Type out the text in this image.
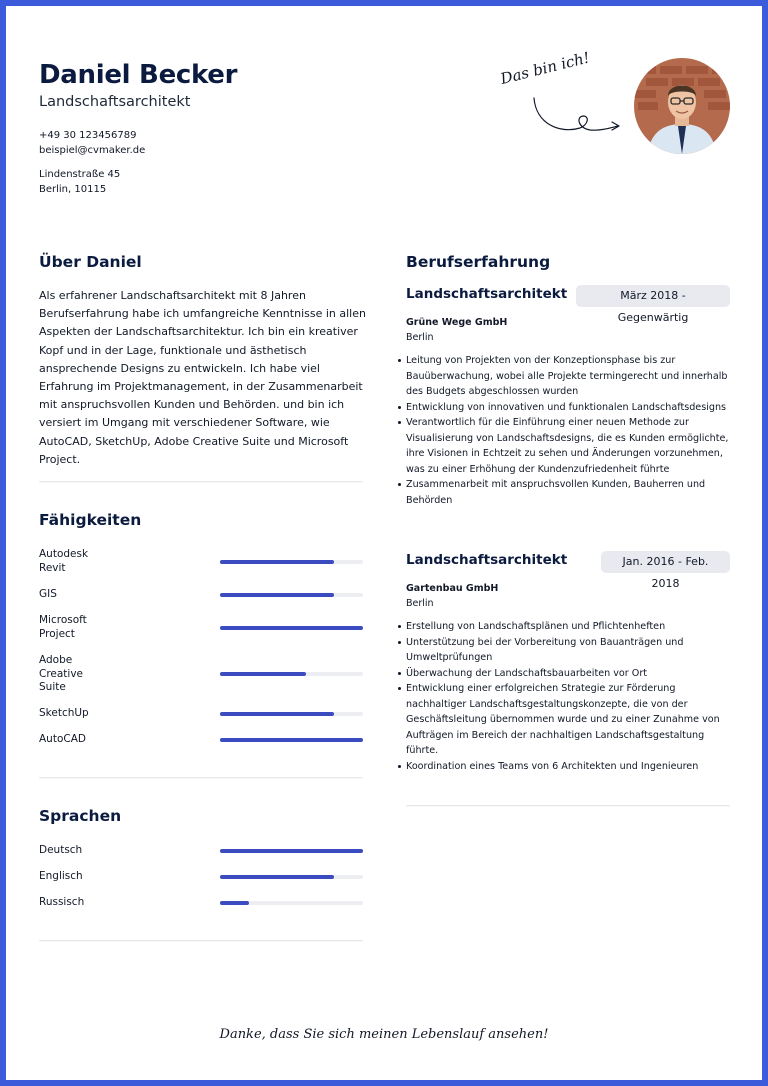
Daniel Becker
Landschaftsarchitekt
+49 30 123456789
beispiel@cvmaker.de
Lindenstraße 45
Berlin, 10115
Das bin ich!
Über Daniel
Als erfahrener Landschaftsarchitekt mit 8 Jahren Berufserfahrung habe ich umfangreiche Kenntnisse in allen Aspekten der Landschaftsarchitektur. Ich bin ein kreativer Kopf und in der Lage, funktionale und ästhetisch ansprechende Designs zu entwickeln. Ich habe viel Erfahrung im Projektmanagement, in der Zusammenarbeit mit anspruchsvollen Kunden und Behörden. und bin ich versiert im Umgang mit verschiedener Software, wie AutoCAD, SketchUp, Adobe Creative Suite und Microsoft Project.
Fähigkeiten
Autodesk Revit
GIS
Microsoft Project
Adobe Creative Suite
SketchUp
AutoCAD
Sprachen
Deutsch
Englisch
Russisch
Berufserfahrung
Landschaftsarchitekt	März 2018 - Gegenwärtig
Grüne Wege GmbH
Berlin
Leitung von Projekten von der Konzeptionsphase bis zur Bauüberwachung, wobei alle Projekte termingerecht und innerhalb des Budgets abgeschlossen wurden
Entwicklung von innovativen und funktionalen Landschaftsdesigns
Verantwortlich für die Einführung einer neuen Methode zur Visualisierung von Landschaftsdesigns, die es Kunden ermöglichte, ihre Visionen in Echtzeit zu sehen und Änderungen vorzunehmen, was zu einer Erhöhung der Kundenzufriedenheit führte
Zusammenarbeit mit anspruchsvollen Kunden, Bauherren und Behörden
Landschaftsarchitekt	Jan. 2016 - Feb. 2018
Gartenbau GmbH
Berlin
Erstellung von Landschaftsplänen und Pflichtenheften
Unterstützung bei der Vorbereitung von Bauanträgen und Umweltprüfungen
Überwachung der Landschaftsbauarbeiten vor Ort
Entwicklung einer erfolgreichen Strategie zur Förderung nachhaltiger Landschaftsgestaltungskonzepte, die von der Geschäftsleitung übernommen wurde und zu einer Zunahme von Aufträgen im Bereich der nachhaltigen Landschaftsgestaltung führte.
Koordination eines Teams von 6 Architekten und Ingenieuren
Danke, dass Sie sich meinen Lebenslauf ansehen!
